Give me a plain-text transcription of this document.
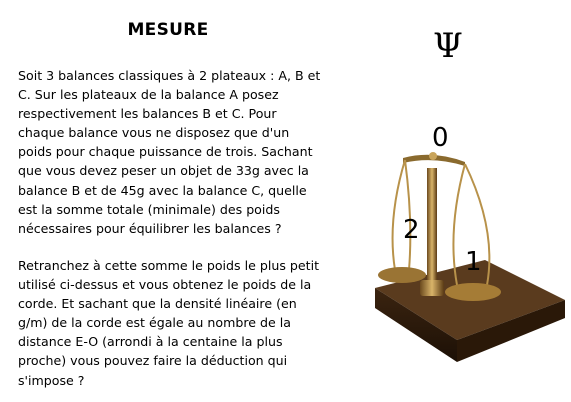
MESURE
Soit 3 balances classiques à 2 plateaux : A, B et
C. Sur les plateaux de la balance A posez
respectivement les balances B et C. Pour
chaque balance vous ne disposez que d'un
poids pour chaque puissance de trois. Sachant
que vous devez peser un objet de 33g avec la
balance B et de 45g avec la balance C, quelle
est la somme totale (minimale) des poids
nécessaires pour équilibrer les balances ?
Retranchez à cette somme le poids le plus petit
utilisé ci-dessus et vous obtenez le poids de la
corde. Et sachant que la densité linéaire (en
g/m) de la corde est égale au nombre de la
distance E-O (arrondi à la centaine la plus
proche) vous pouvez faire la déduction qui
s'impose ?
Ψ
0
2
1
